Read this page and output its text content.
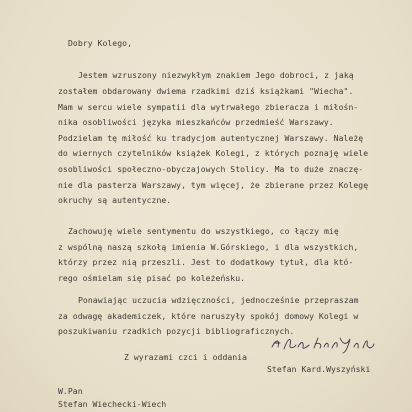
Dobry Kolego,
Jestem wzruszony niezwykłym znakiem Jego dobroci, z jaką
zostałem obdarowany dwiema rzadkimi dziś książkami "Wiecha".
Mam w sercu wiele sympatii dla wytrwałego zbieracza i miłośn-
nika osobliwości języka mieszkańców przedmieść Warszawy.
Podzielam tę miłość ku tradycjom autentycznej Warszawy. Należę
do wiernych czytelników książek Kolegi, z których poznaję wiele
osobliwości społeczno-obyczajowych Stolicy. Ma to duże znaczę-
nie dla pasterza Warszawy, tym więcej, że zbierane przez Kolegę
okruchy są autentyczne.
Zachowuję wiele sentymentu do wszystkiego, co łączy mię
z wspólną naszą szkołą imienia W.Górskiego, i dla wszystkich,
którzy przez nią przeszli. Jest to dodatkowy tytuł, dla któ-
rego ośmielam się pisać po koleżeńsku.
Ponawiając uczucia wdzięczności, jednocześnie przepraszam
za odwagę akademiczek, które naruszyły spokój domowy Kolegi w
poszukiwaniu rzadkich pozycji bibliograficznych.
Z wyrazami czci i oddania
Stefan Kard.Wyszyński
W.Pan
Stefan Wiechecki-Wiech
